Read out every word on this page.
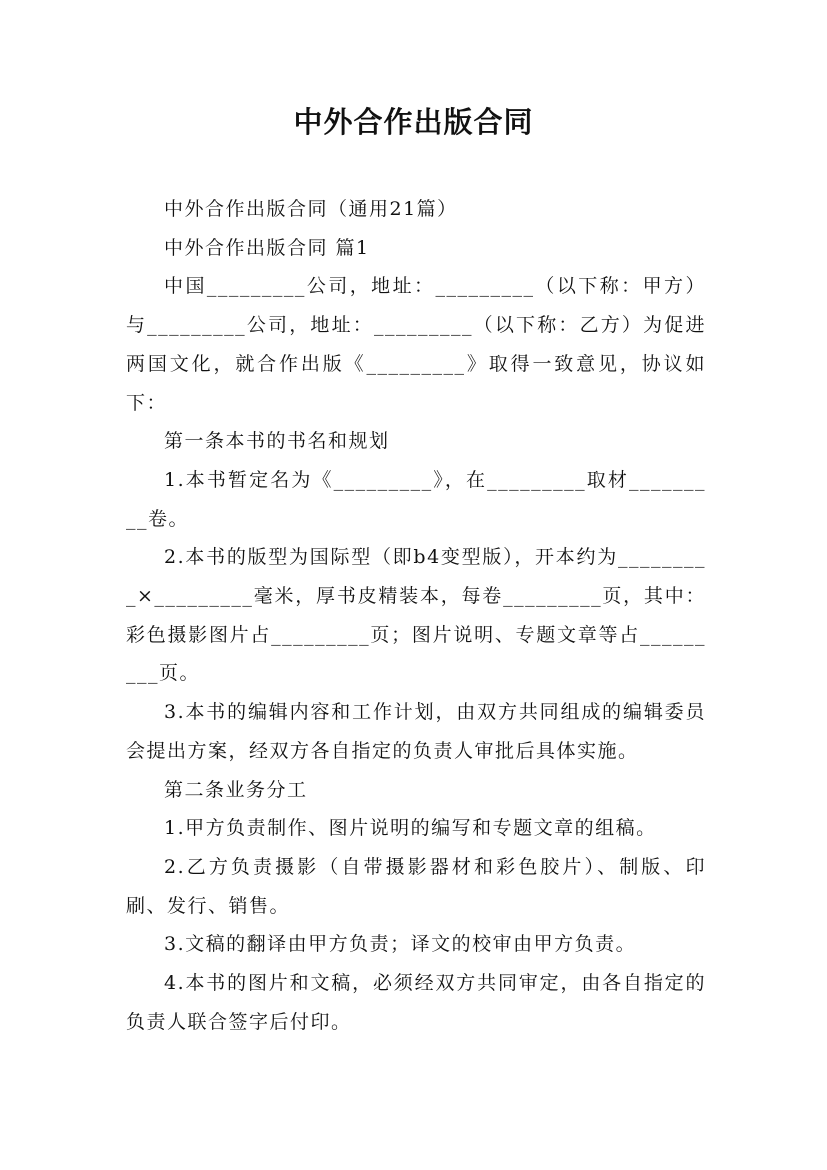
中外合作出版合同

中外合作出版合同（通用21篇）

中外合作出版合同 篇1

中国_________公司，地址：_________（以下称：甲方）与_________公司，地址：_________（以下称：乙方）为促进两国文化，就合作出版《_________》取得一致意见，协议如下：

第一条本书的书名和规划

1.本书暂定名为《_________》，在_________取材_________卷。

2.本书的版型为国际型（即b4变型版），开本约为_________×_________毫米，厚书皮精装本，每卷_________页，其中：彩色摄影图片占_________页；图片说明、专题文章等占_________页。

3.本书的编辑内容和工作计划，由双方共同组成的编辑委员会提出方案，经双方各自指定的负责人审批后具体实施。

第二条业务分工

1.甲方负责制作、图片说明的编写和专题文章的组稿。

2.乙方负责摄影（自带摄影器材和彩色胶片）、制版、印刷、发行、销售。

3.文稿的翻译由甲方负责；译文的校审由甲方负责。

4.本书的图片和文稿，必须经双方共同审定，由各自指定的负责人联合签字后付印。
